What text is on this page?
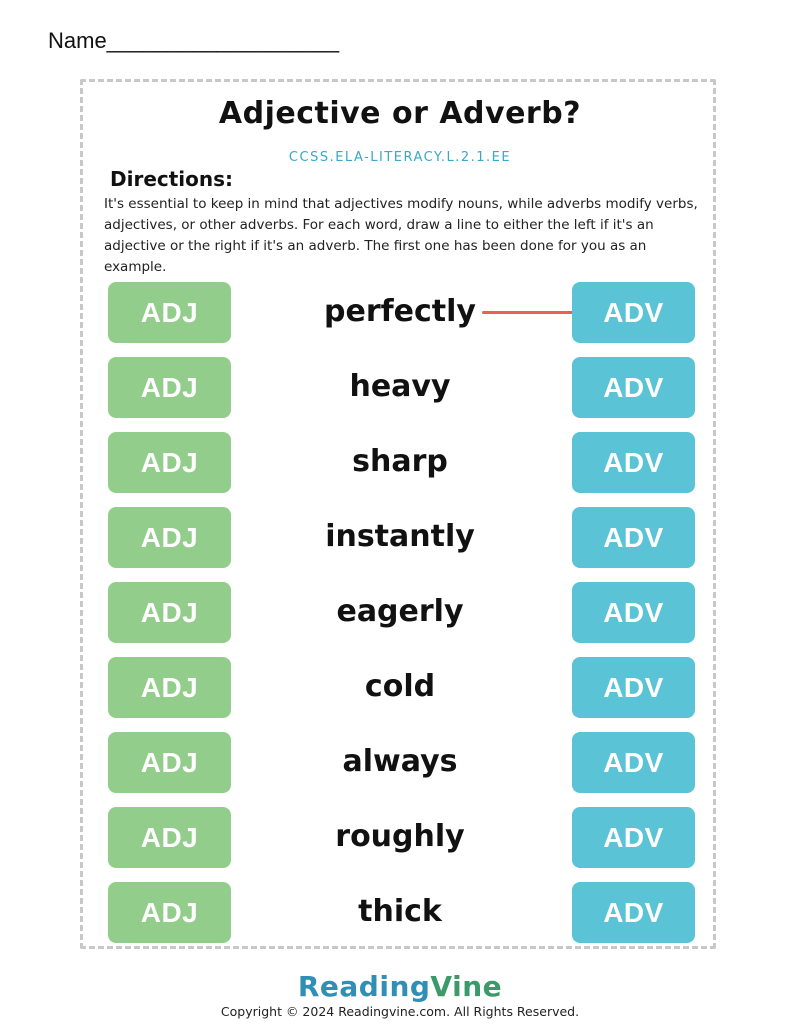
Name___________________
Adjective or Adverb?
CCSS.ELA-LITERACY.L.2.1.EE
Directions:
It's essential to keep in mind that adjectives modify nouns, while adverbs modify verbs, adjectives, or other adverbs. For each word, draw a line to either the left if it's an adjective or the right if it's an adverb. The first one has been done for you as an example.
ADJ	perfectly	ADV
ADJ	heavy	ADV
ADJ	sharp	ADV
ADJ	instantly	ADV
ADJ	eagerly	ADV
ADJ	cold	ADV
ADJ	always	ADV
ADJ	roughly	ADV
ADJ	thick	ADV
ReadingVine
Copyright © 2024 Readingvine.com. All Rights Reserved.
